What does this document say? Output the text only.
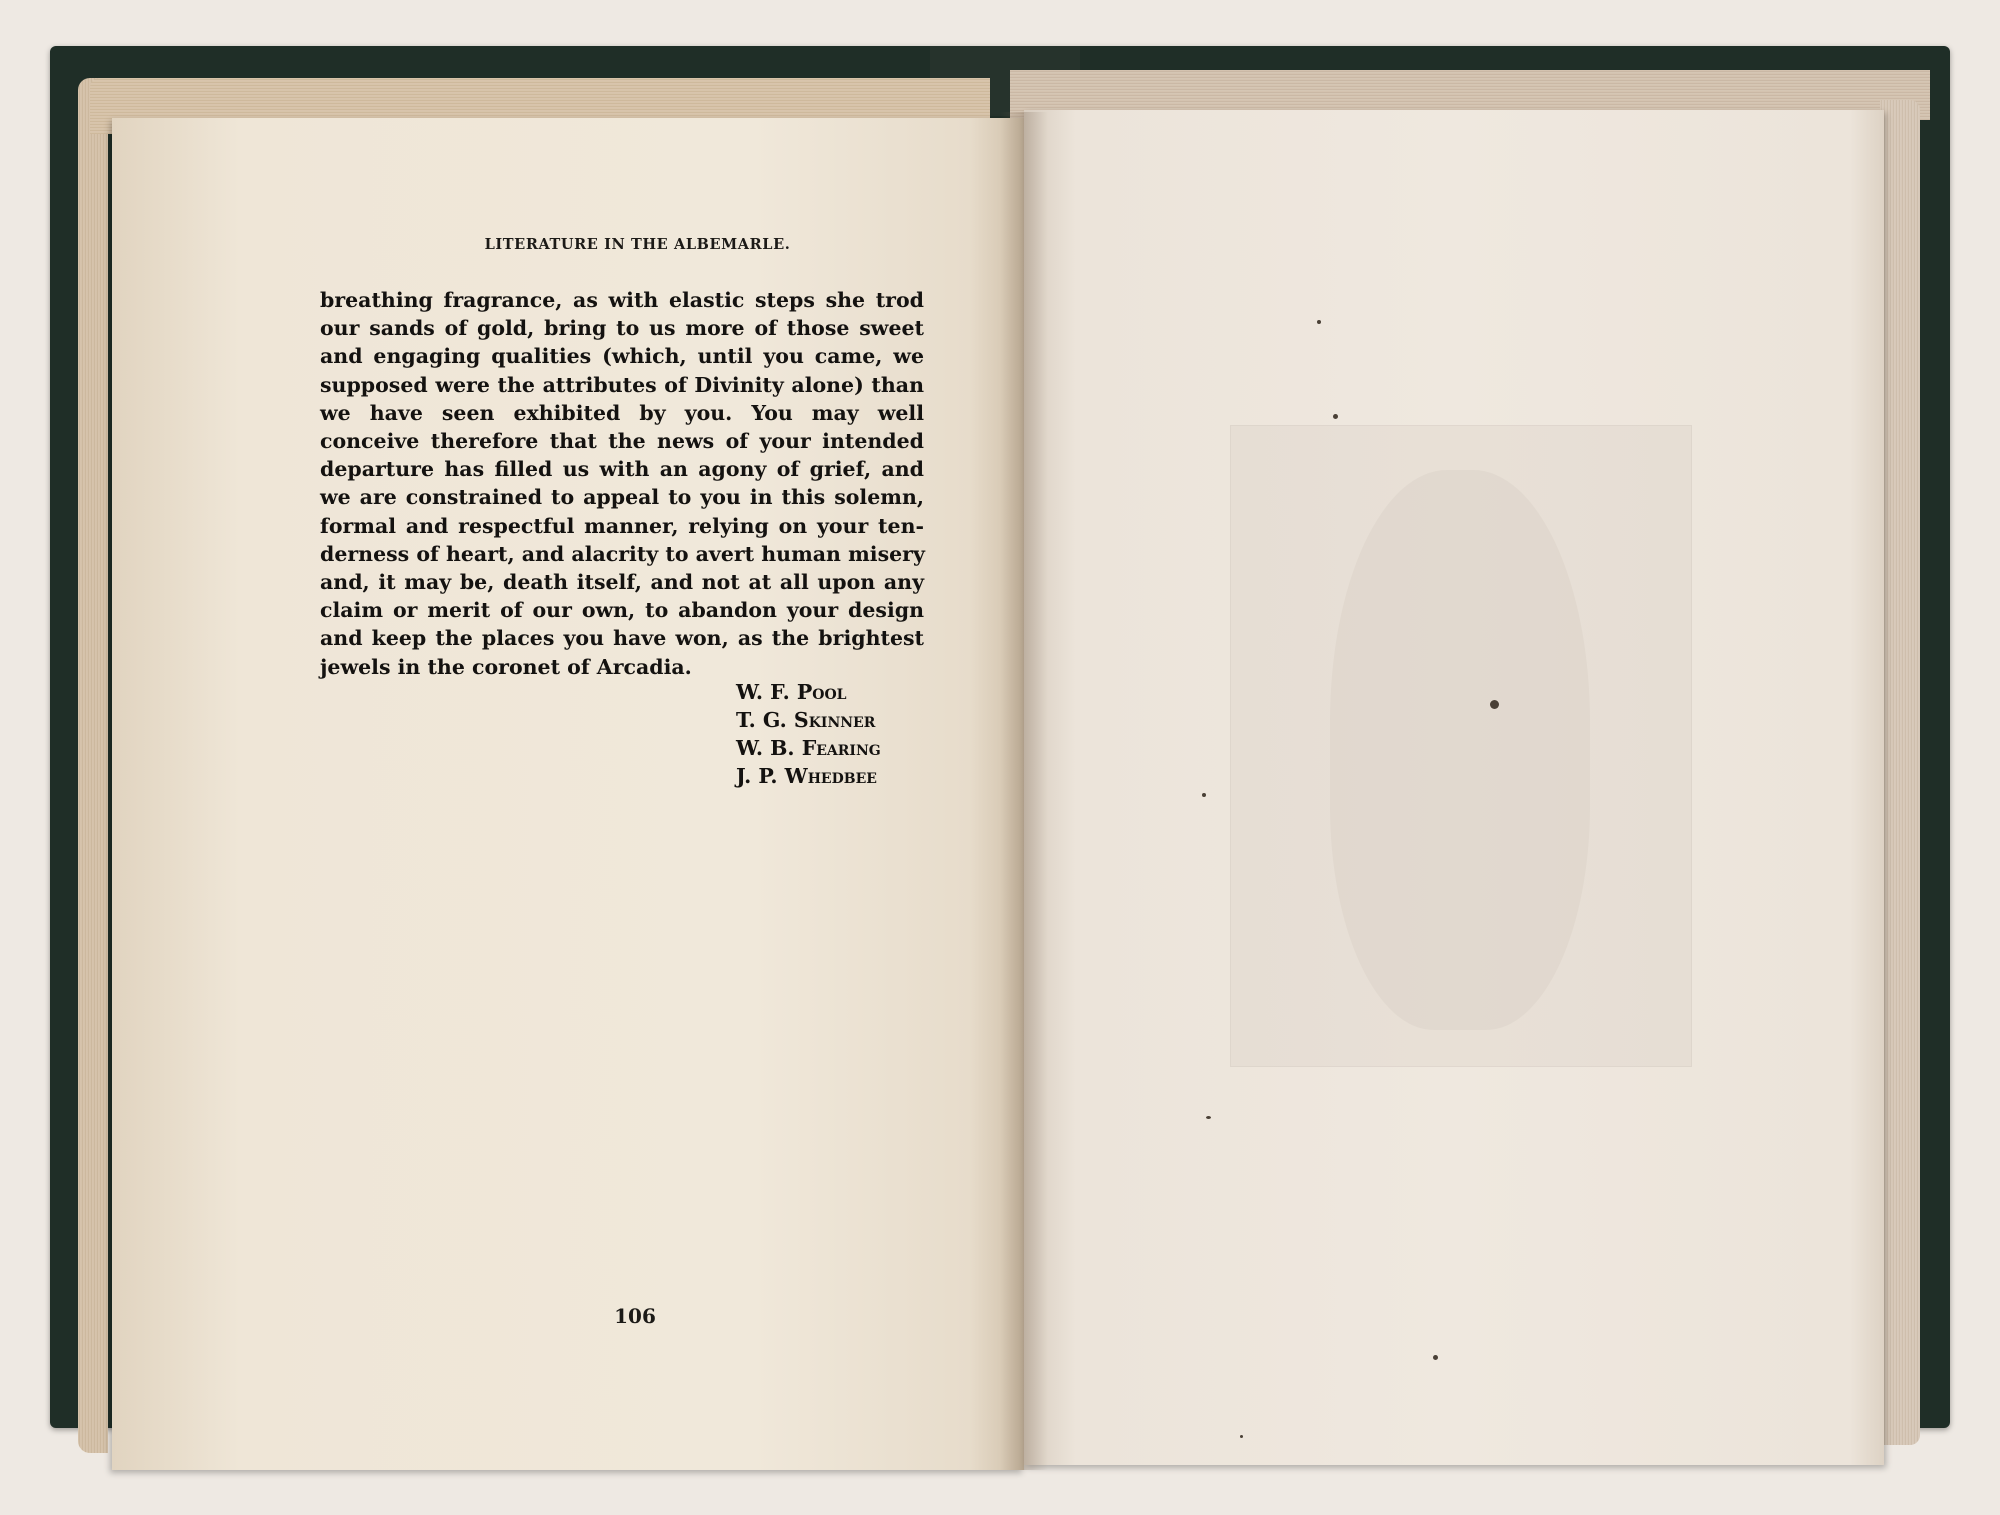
LITERATURE IN THE ALBEMARLE.
breathing fragrance, as with elastic steps she trod
our sands of gold, bring to us more of those sweet
and engaging qualities (which, until you came, we
supposed were the attributes of Divinity alone) than
we have seen exhibited by you. You may well
conceive therefore that the news of your intended
departure has filled us with an agony of grief, and
we are constrained to appeal to you in this solemn,
formal and respectful manner, relying on your ten-
derness of heart, and alacrity to avert human misery
and, it may be, death itself, and not at all upon any
claim or merit of our own, to abandon your design
and keep the places you have won, as the brightest
jewels in the coronet of Arcadia.
W. F. Pool
T. G. Skinner
W. B. Fearing
J. P. Whedbee
106
